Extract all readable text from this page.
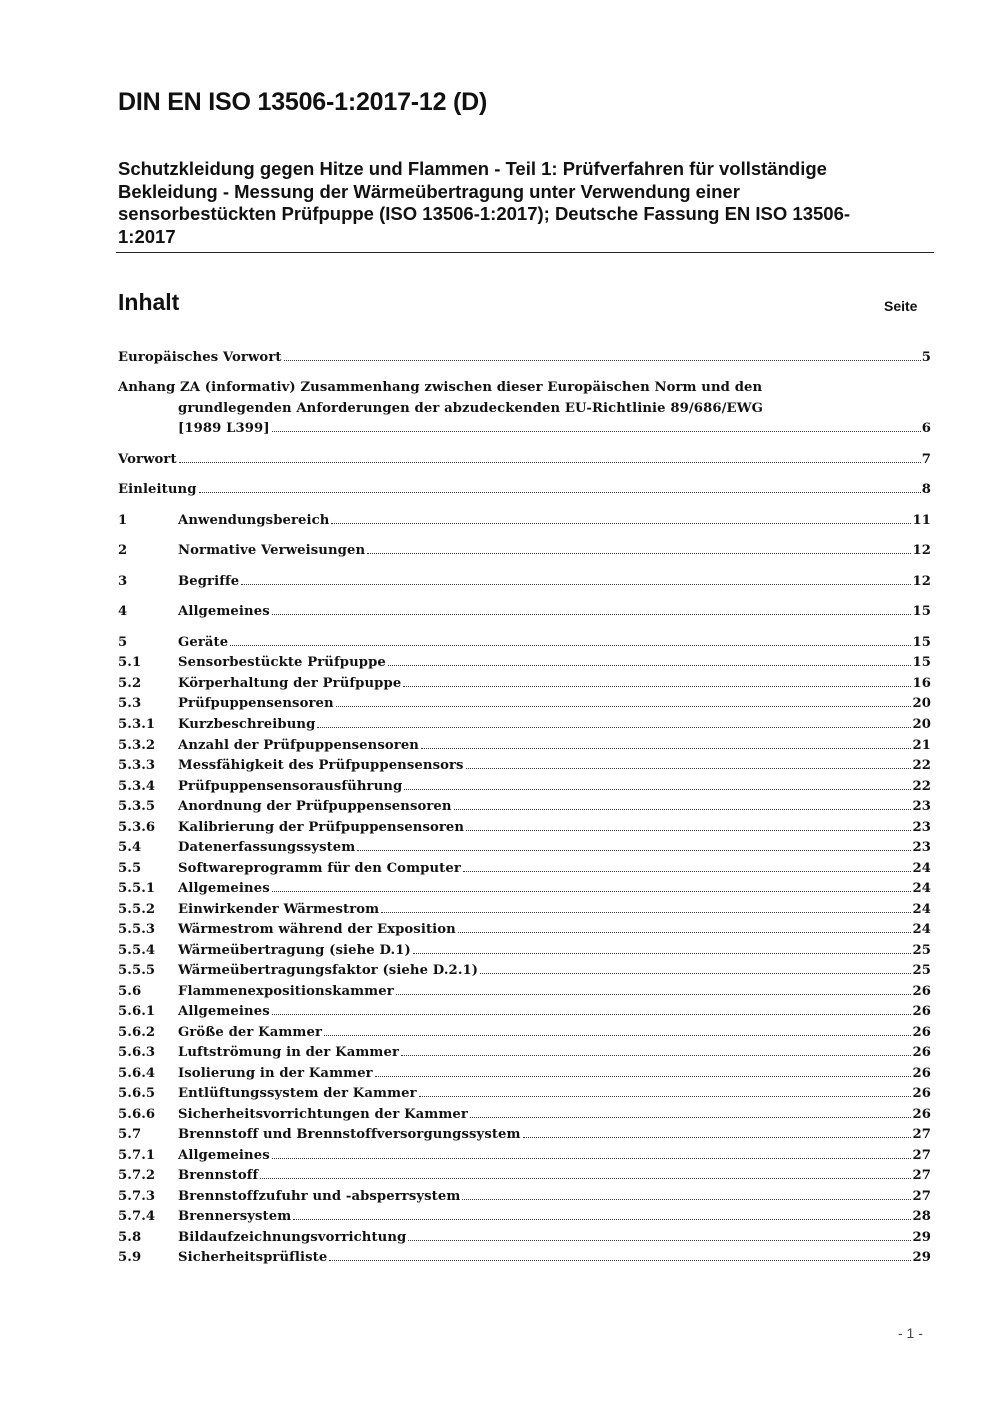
DIN EN ISO 13506-1:2017-12 (D)
Schutzkleidung gegen Hitze und Flammen - Teil 1: Prüfverfahren für vollständige
Bekleidung - Messung der Wärmeübertragung unter Verwendung einer
sensorbestückten Prüfpuppe (ISO 13506-1:2017); Deutsche Fassung EN ISO 13506-
1:2017
Inhalt	Seite
Europäisches Vorwort	5
Anhang ZA (informativ) Zusammenhang zwischen dieser Europäischen Norm und den
grundlegenden Anforderungen der abzudeckenden EU-Richtlinie 89/686/EWG
[1989 L399]	6
Vorwort	7
Einleitung	8
1	Anwendungsbereich	11
2	Normative Verweisungen	12
3	Begriffe	12
4	Allgemeines	15
5	Geräte	15
5.1	Sensorbestückte Prüfpuppe	15
5.2	Körperhaltung der Prüfpuppe	16
5.3	Prüfpuppensensoren	20
5.3.1 Kurzbeschreibung	20
5.3.2 Anzahl der Prüfpuppensensoren	21
5.3.3 Messfähigkeit des Prüfpuppensensors	22
5.3.4 Prüfpuppensensorausführung	22
5.3.5 Anordnung der Prüfpuppensensoren	23
5.3.6 Kalibrierung der Prüfpuppensensoren	23
5.4	Datenerfassungssystem	23
5.5	Softwareprogramm für den Computer	24
5.5.1 Allgemeines	24
5.5.2 Einwirkender Wärmestrom	24
5.5.3 Wärmestrom während der Exposition	24
5.5.4 Wärmeübertragung (siehe D.1)	25
5.5.5 Wärmeübertragungsfaktor (siehe D.2.1)	25
5.6	Flammenexpositionskammer	26
5.6.1 Allgemeines	26
5.6.2 Größe der Kammer	26
5.6.3 Luftströmung in der Kammer	26
5.6.4 Isolierung in der Kammer	26
5.6.5 Entlüftungssystem der Kammer	26
5.6.6 Sicherheitsvorrichtungen der Kammer	26
5.7	Brennstoff und Brennstoffversorgungssystem	27
5.7.1 Allgemeines	27
5.7.2 Brennstoff	27
5.7.3 Brennstoffzufuhr und -absperrsystem	27
5.7.4 Brennersystem	28
5.8	Bildaufzeichnungsvorrichtung	29
5.9	Sicherheitsprüfliste	29
- 1 -
